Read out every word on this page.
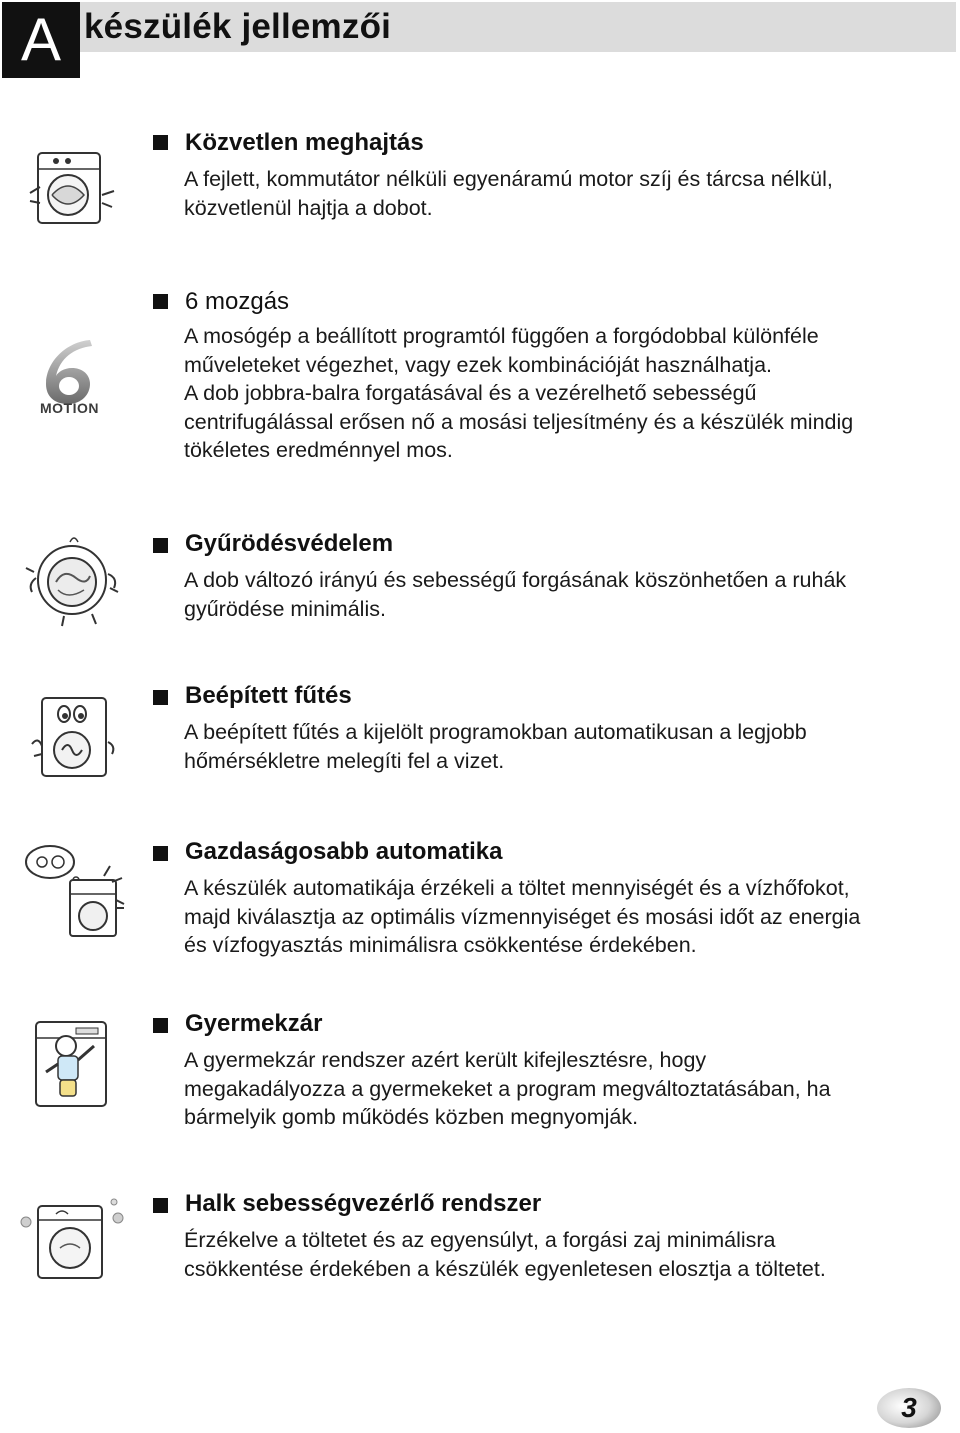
A készülék jellemzői
Közvetlen meghajtás

A fejlett, kommutátor nélküli egyenáramú motor szíj és tárcsa nélkül,

közvetlenül hajtja a dobot.

MOTION
6 mozgás

A mosógép a beállított programtól függően a forgódobbal különféle

műveleteket végezhet, vagy ezek kombinációját használhatja.

A dob jobbra-balra forgatásával és a vezérelhető sebességű

centrifugálással erősen nő a mosási teljesítmény és a készülék mindig

tökéletes eredménnyel mos.

Gyűrödésvédelem

A dob változó irányú és sebességű forgásának köszönhetően a ruhák

gyűrödése minimális.

Beépített fűtés

A beépített fűtés a kijelölt programokban automatikusan a legjobb

hőmérsékletre melegíti fel a vizet.

Gazdaságosabb automatika

A készülék automatikája érzékeli a töltet mennyiségét és a vízhőfokot,

majd kiválasztja az optimális vízmennyiséget és mosási időt az energia

és vízfogyasztás minimálisra csökkentése érdekében.

Gyermekzár

A gyermekzár rendszer azért került kifejlesztésre, hogy

megakadályozza a gyermekeket a program megváltoztatásában, ha

bármelyik gomb működés közben megnyomják.

Halk sebességvezérlő rendszer

Érzékelve a töltetet és az egyensúlyt, a forgási zaj minimálisra

csökkentése érdekében a készülék egyenletesen elosztja a töltetet.

3
